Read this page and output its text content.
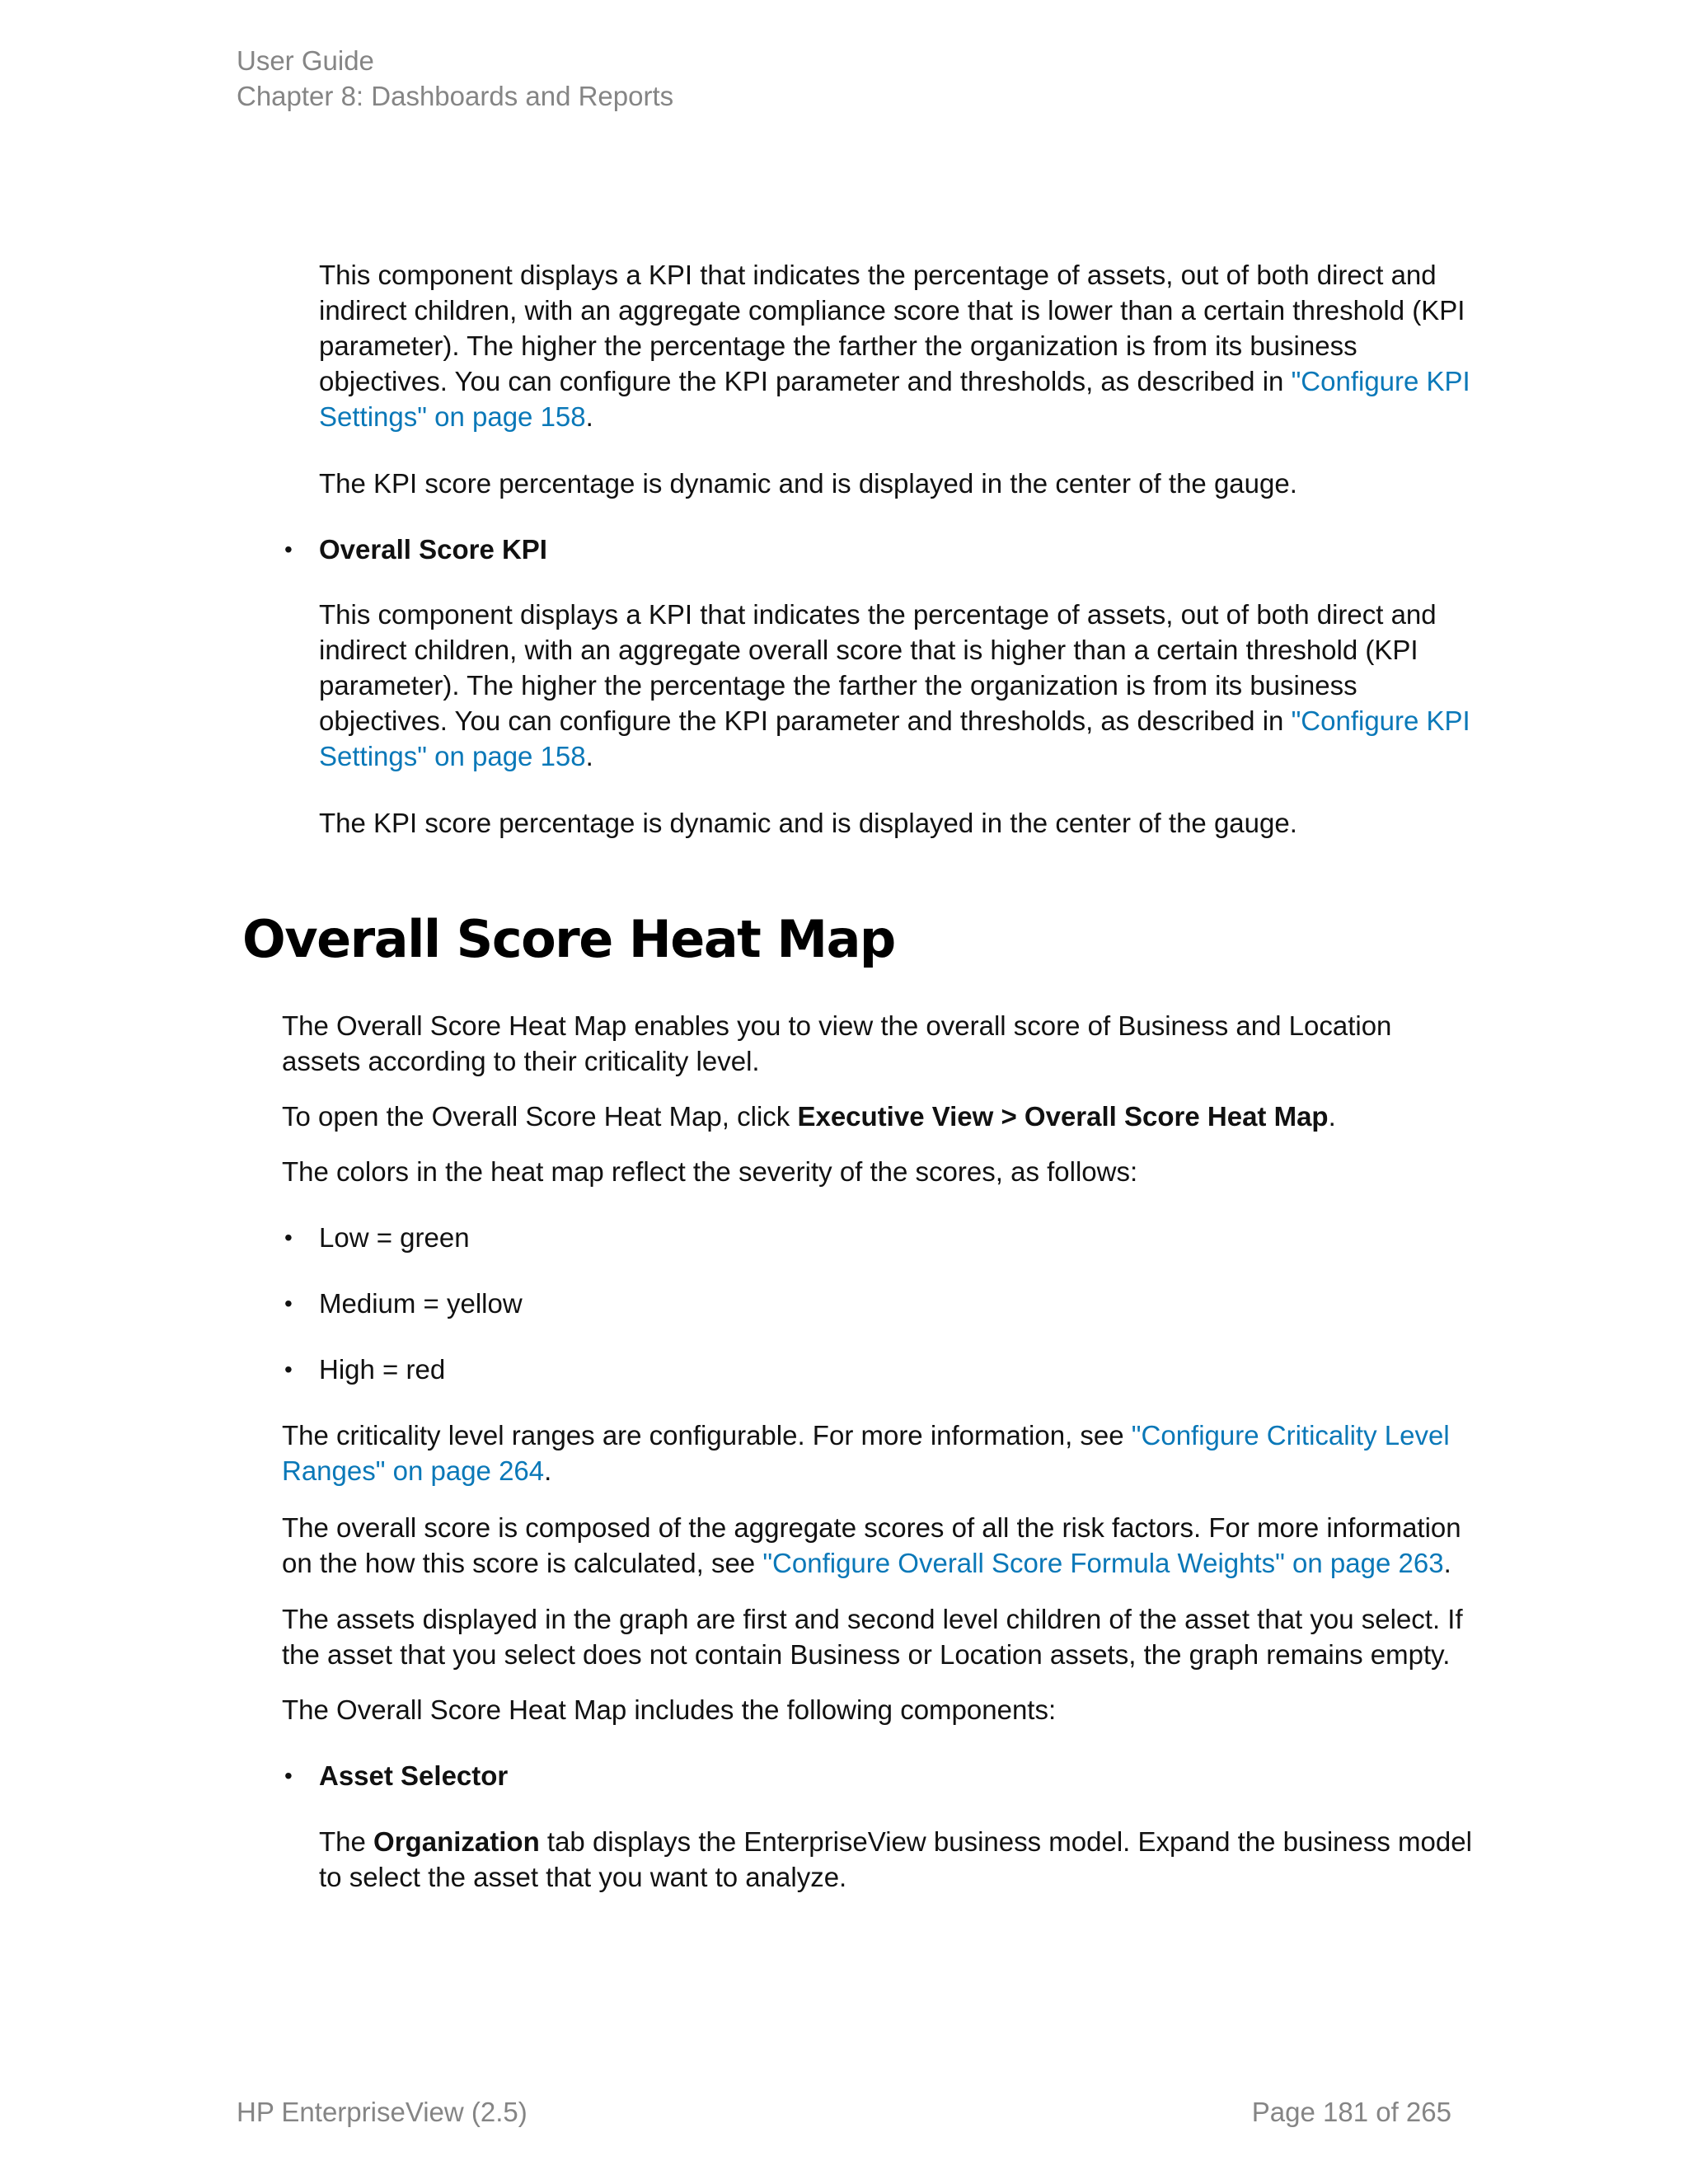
User Guide
Chapter 8: Dashboards and Reports
This component displays a KPI that indicates the percentage of assets, out of both direct and indirect children, with an aggregate compliance score that is lower than a certain threshold (KPI parameter). The higher the percentage the farther the organization is from its business objectives. You can configure the KPI parameter and thresholds, as described in "Configure KPI Settings" on page 158.
The KPI score percentage is dynamic and is displayed in the center of the gauge.
• Overall Score KPI
This component displays a KPI that indicates the percentage of assets, out of both direct and indirect children, with an aggregate overall score that is higher than a certain threshold (KPI parameter). The higher the percentage the farther the organization is from its business objectives. You can configure the KPI parameter and thresholds, as described in "Configure KPI Settings" on page 158.
The KPI score percentage is dynamic and is displayed in the center of the gauge.
Overall Score Heat Map
The Overall Score Heat Map enables you to view the overall score of Business and Location assets according to their criticality level.
To open the Overall Score Heat Map, click Executive View > Overall Score Heat Map.
The colors in the heat map reflect the severity of the scores, as follows:
• Low = green
• Medium = yellow
• High = red
The criticality level ranges are configurable. For more information, see "Configure Criticality Level Ranges" on page 264.
The overall score is composed of the aggregate scores of all the risk factors. For more information on the how this score is calculated, see "Configure Overall Score Formula Weights" on page 263.
The assets displayed in the graph are first and second level children of the asset that you select. If the asset that you select does not contain Business or Location assets, the graph remains empty.
The Overall Score Heat Map includes the following components:
• Asset Selector
The Organization tab displays the EnterpriseView business model. Expand the business model to select the asset that you want to analyze.
HP EnterpriseView (2.5)	Page 181 of 265
